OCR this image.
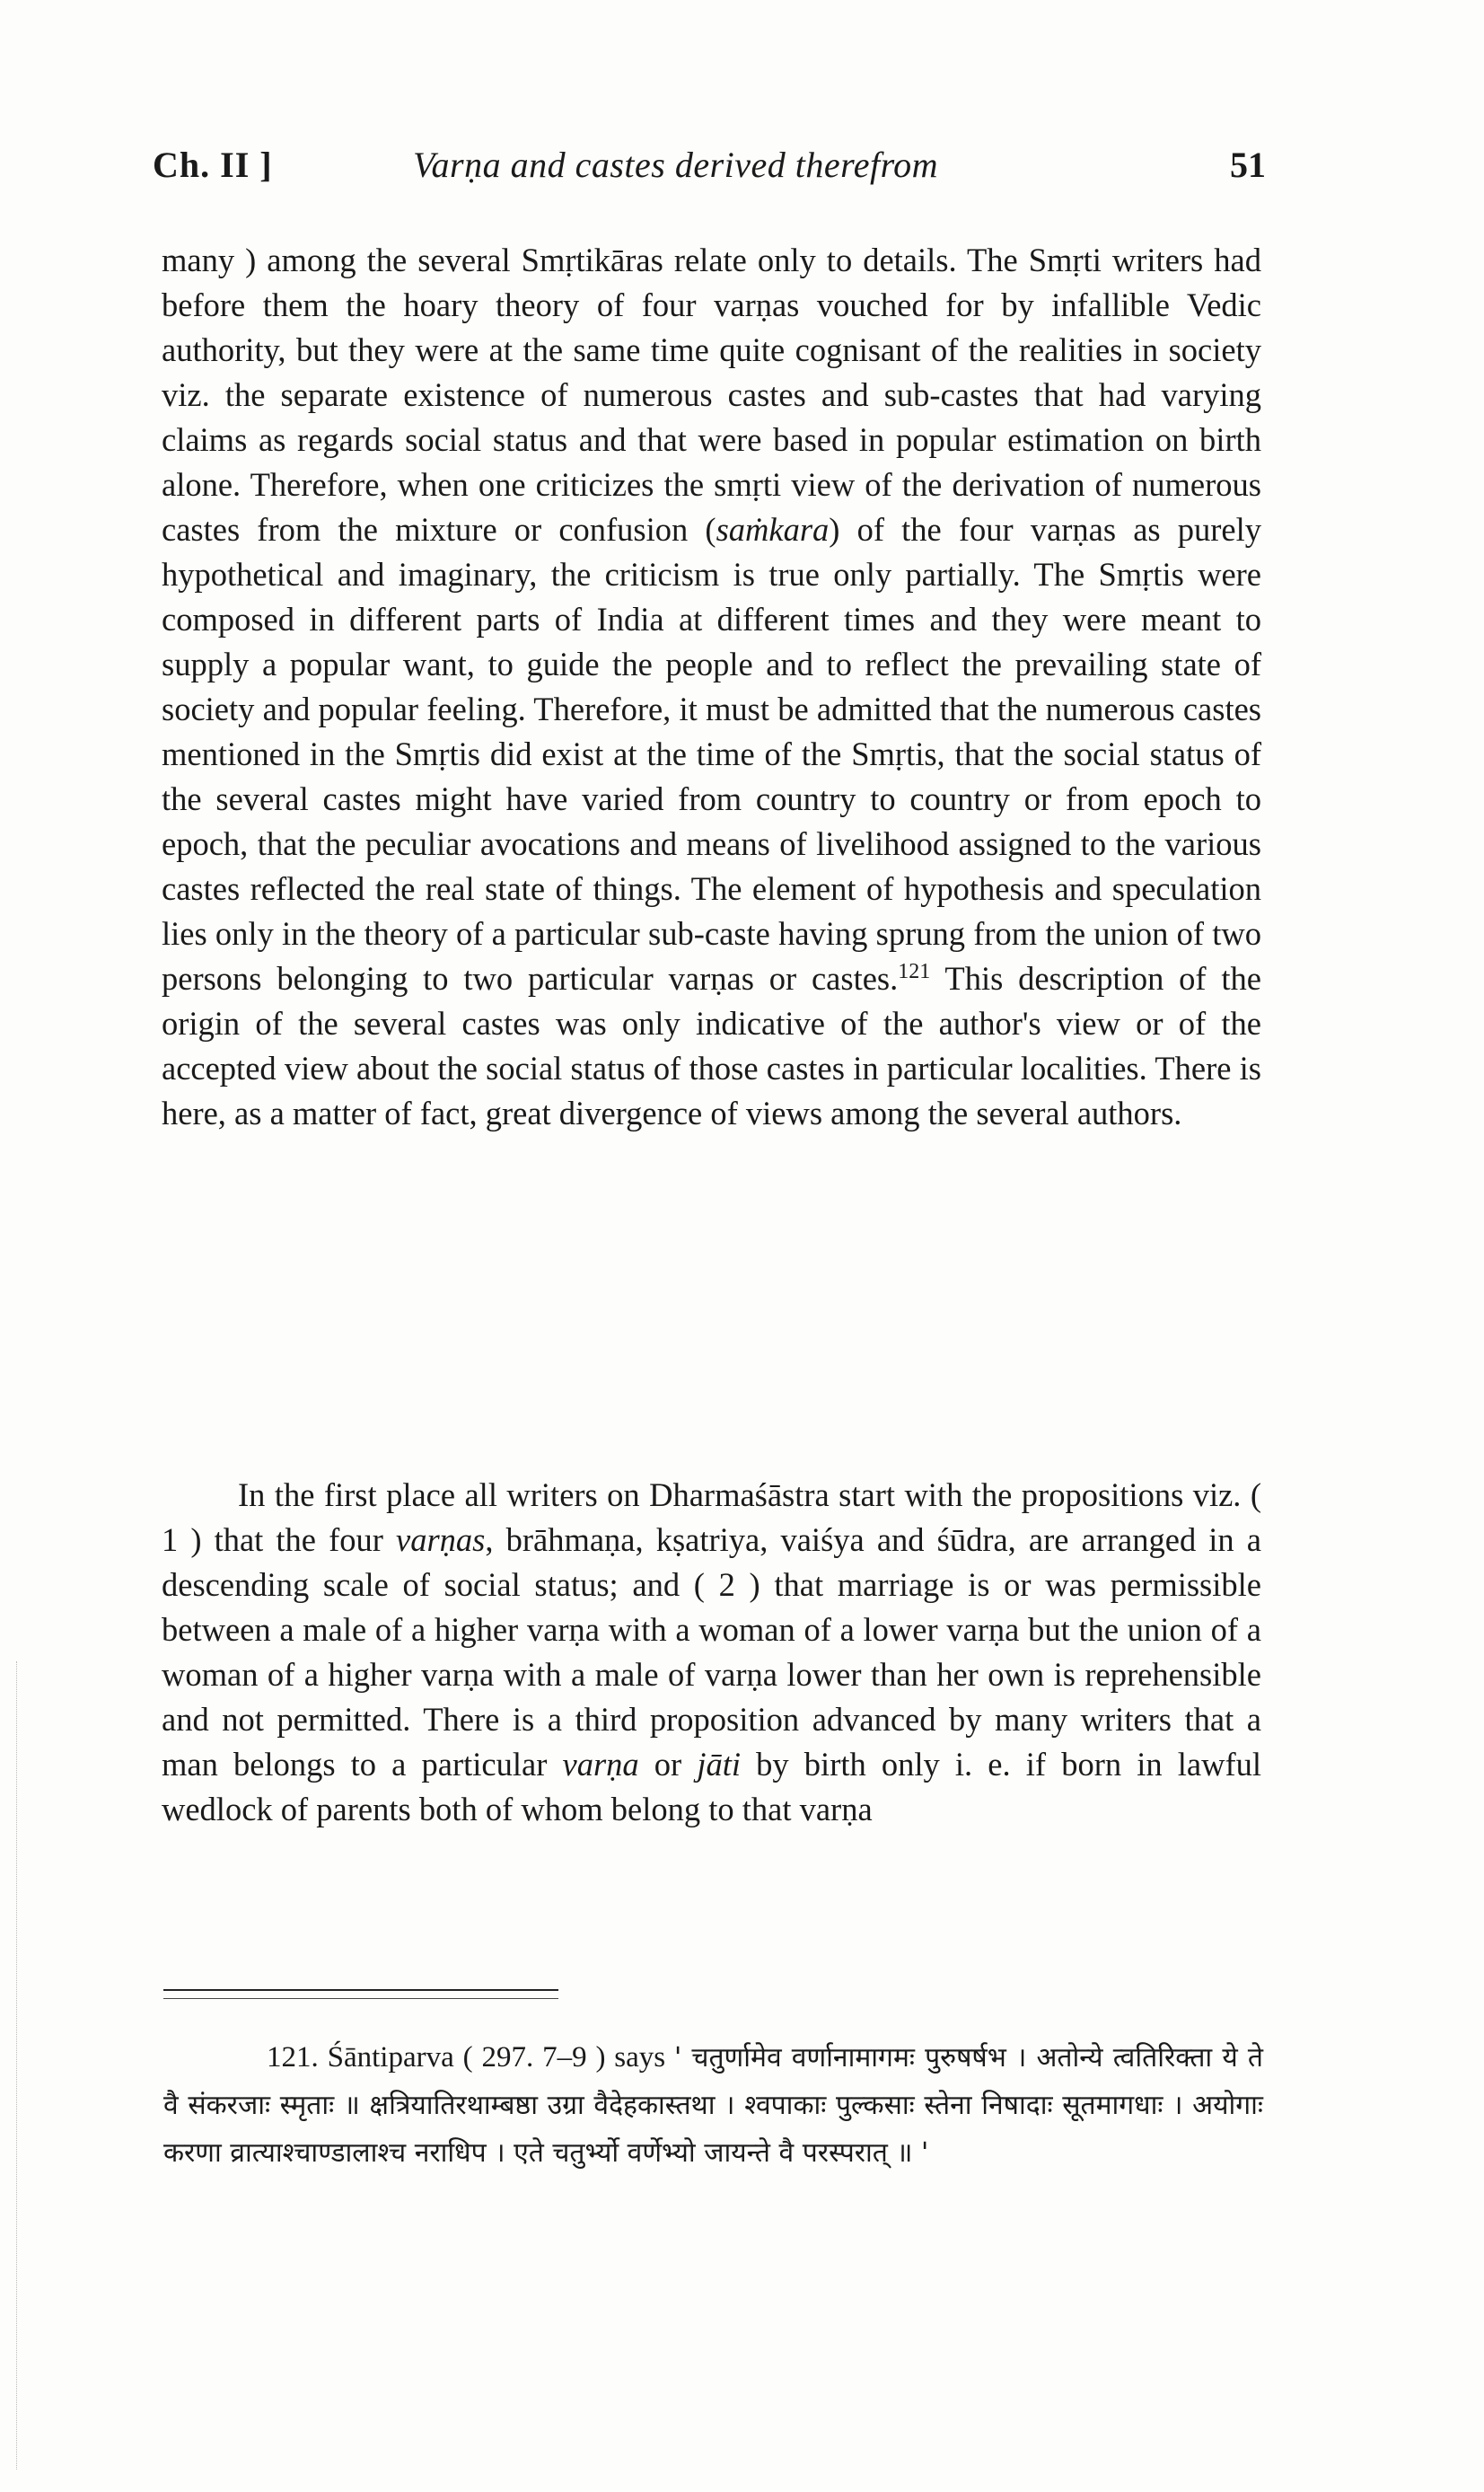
Ch. II ]	Varṇa and castes derived therefrom	51

many ) among the several Smṛtikāras relate only to details. The Smṛti writers had before them the hoary theory of four varṇas vouched for by infallible Vedic authority, but they were at the same time quite cognisant of the realities in society viz. the separate existence of numerous castes and sub-castes that had varying claims as regards social status and that were based in popular estimation on birth alone. Therefore, when one criticizes the smṛti view of the derivation of numerous castes from the mixture or confusion (saṁkara) of the four varṇas as purely hypothetical and imaginary, the criticism is true only partially. The Smṛtis were composed in different parts of India at different times and they were meant to supply a popular want, to guide the people and to reflect the prevailing state of society and popular feeling. Therefore, it must be admitted that the numerous castes mentioned in the Smṛtis did exist at the time of the Smṛtis, that the social status of the several castes might have varied from country to country or from epoch to epoch, that the peculiar avocations and means of livelihood assigned to the various castes reflected the real state of things. The element of hypothesis and speculation lies only in the theory of a particular sub-caste having sprung from the union of two persons belonging to two particular varṇas or castes.$^{121}$ This description of the origin of the several castes was only indicative of the author's view or of the accepted view about the social status of those castes in particular localities. There is here, as a matter of fact, great divergence of views among the several authors.

In the first place all writers on Dharmaśāstra start with the propositions viz. ( 1 ) that the four varṇas, brāhmaṇa, kṣatriya, vaiśya and śūdra, are arranged in a descending scale of social status; and ( 2 ) that marriage is or was permissible between a male of a higher varṇa with a woman of a lower varṇa but the union of a woman of a higher varṇa with a male of varṇa lower than her own is reprehensible and not permitted. There is a third proposition advanced by many writers that a man belongs to a particular varṇa or jāti by birth only i. e. if born in lawful wedlock of parents both of whom belong to that varṇa

121. Śāntiparva ( 297. 7–9 ) says ' चतुर्णामेव वर्णानामागमः पुरुषर्षभ । अतोन्ये त्वतिरिक्ता ये ते वै संकरजाः स्मृताः ॥ क्षत्रियातिरथाम्बष्ठा उग्रा वैदेहकास्तथा । श्वपाकाः पुल्कसाः स्तेना निषादाः सूतमागधाः । अयोगाः करणा व्रात्याश्चाण्डालाश्च नराधिप । एते चतुर्भ्यो वर्णेभ्यो जायन्ते वै परस्परात् ॥ '
